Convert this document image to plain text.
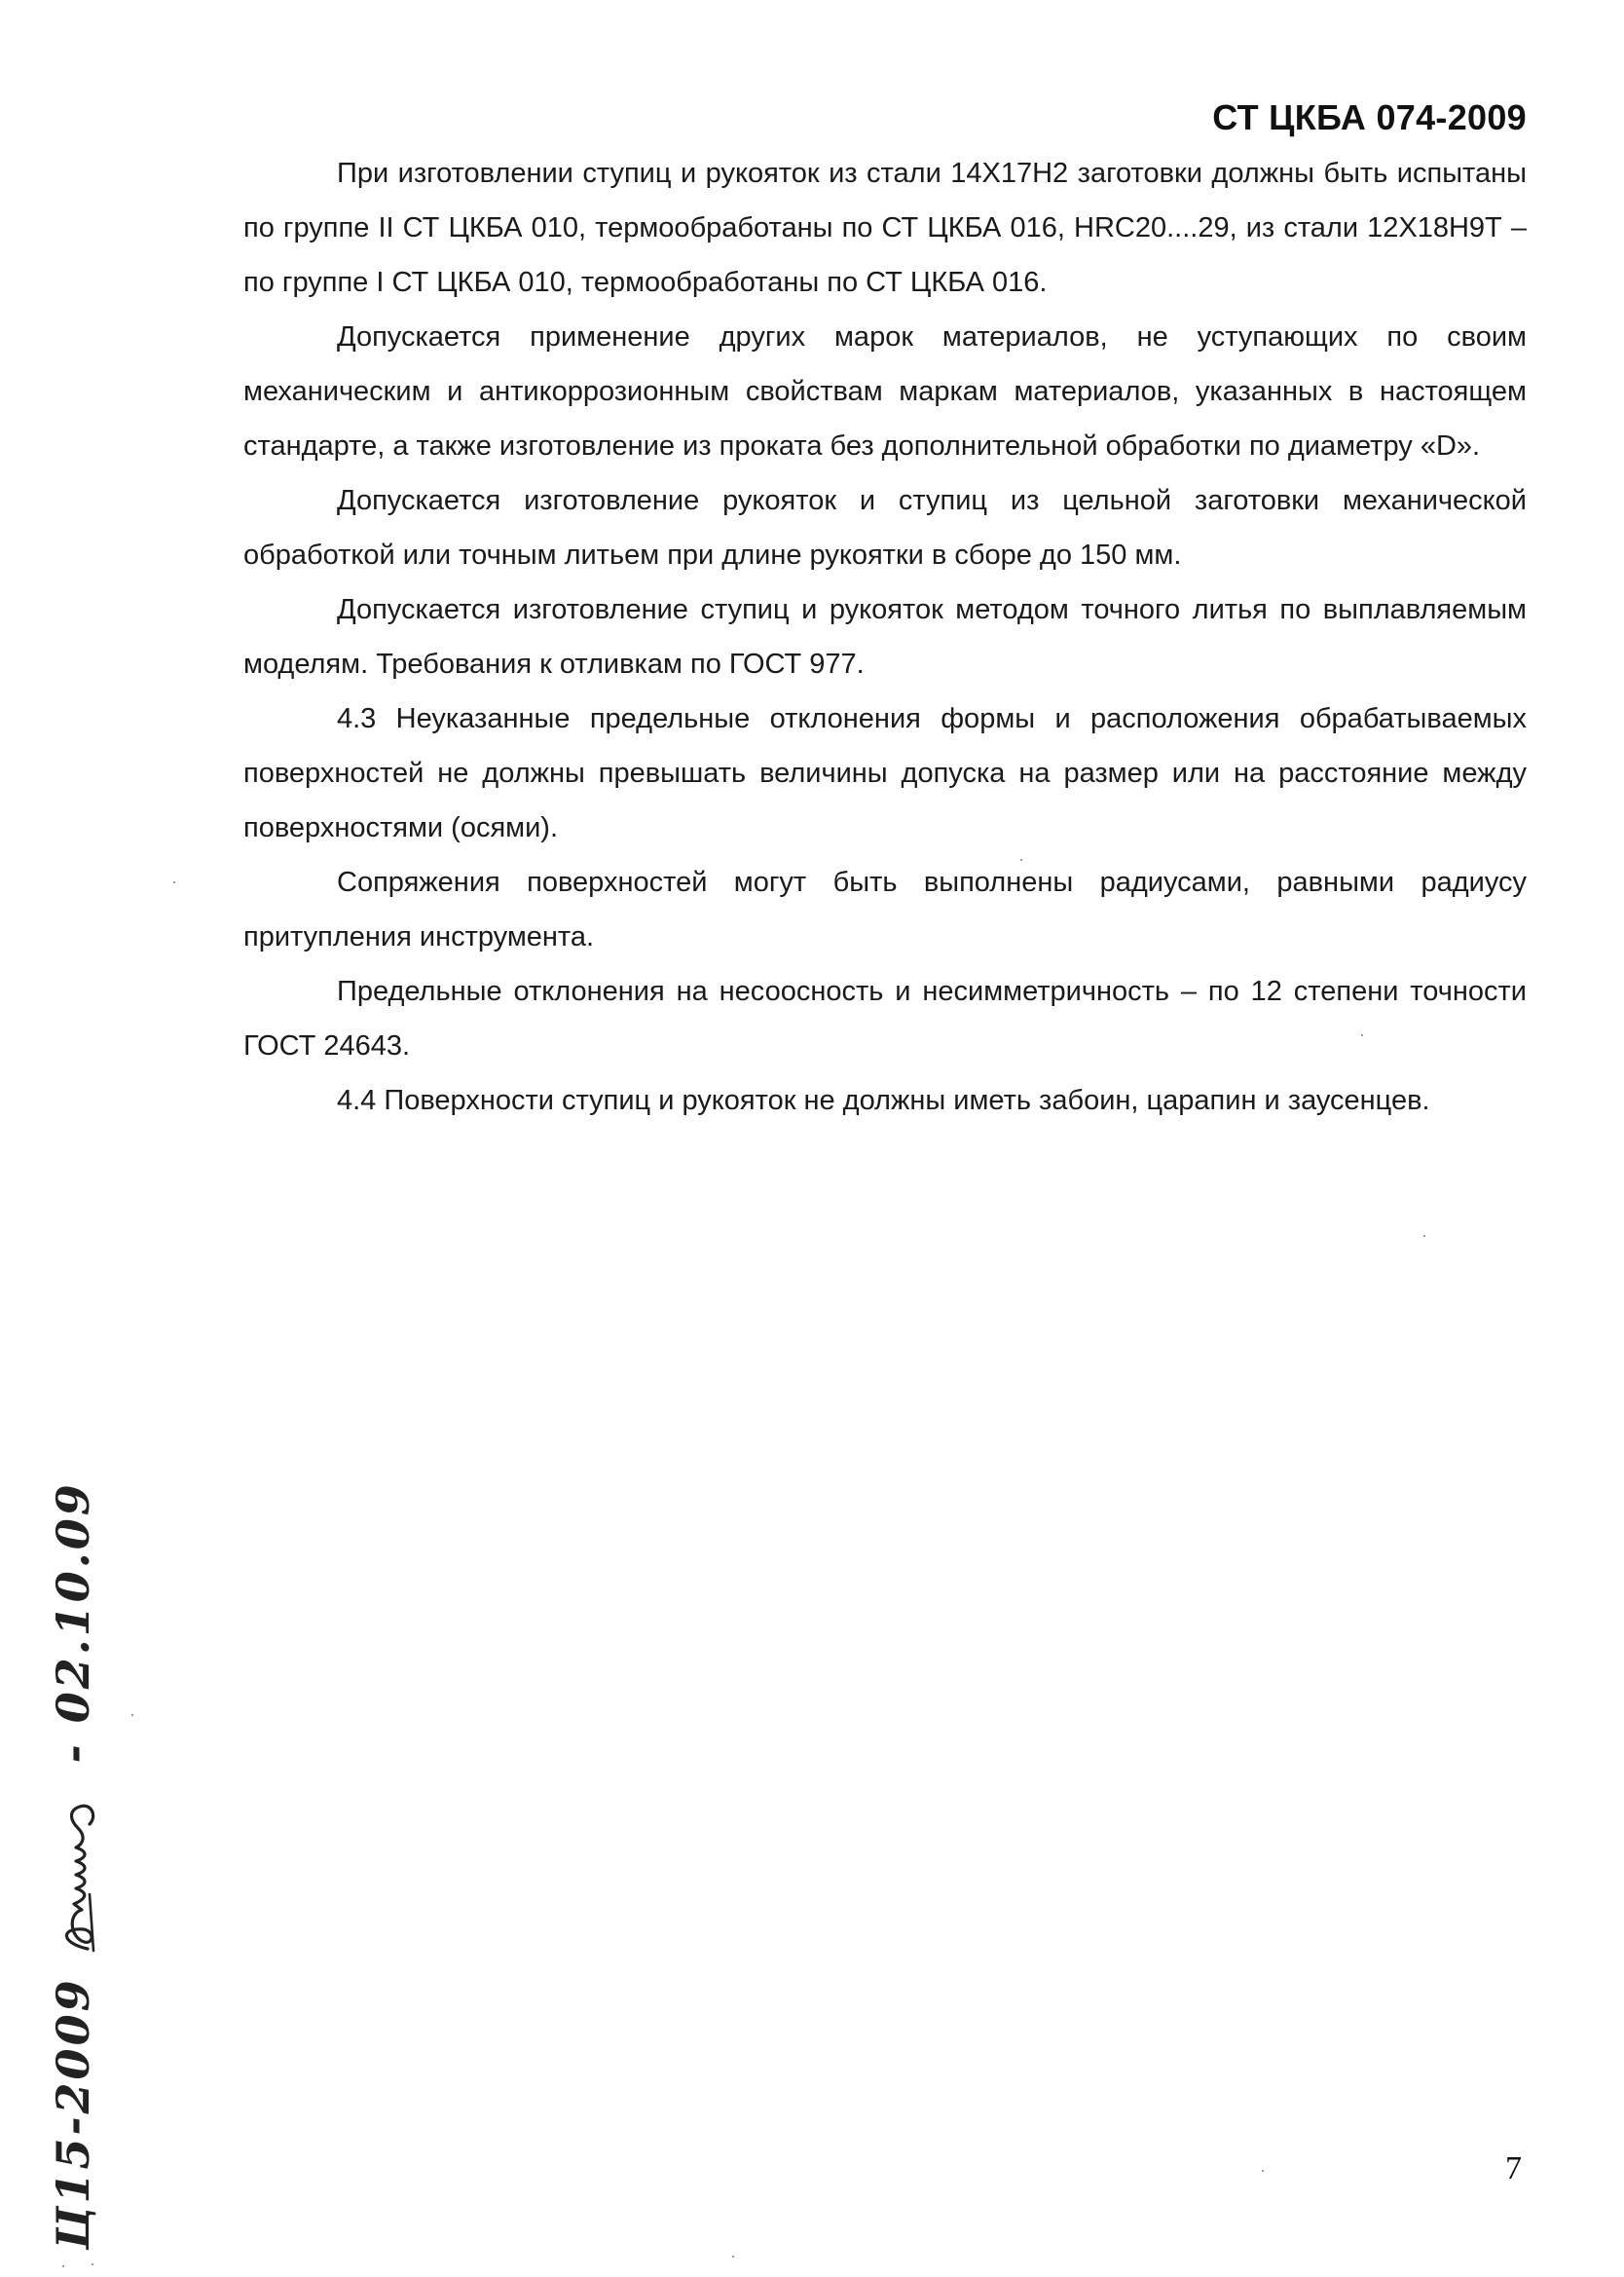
СТ ЦКБА 074-2009

При изготовлении ступиц и рукояток из стали 14Х17Н2 заготовки должны быть испытаны по группе II СТ ЦКБА 010, термообработаны по СТ ЦКБА 016, HRC20....29, из стали 12Х18Н9Т – по группе I СТ ЦКБА 010, термообработаны по СТ ЦКБА 016.

Допускается применение других марок материалов, не уступающих по своим механическим и антикоррозионным свойствам маркам материалов, указанных в настоящем стандарте, а также изготовление из проката без дополнительной обработки по диаметру «D».

Допускается изготовление рукояток и ступиц из цельной заготовки механической обработкой или точным литьем при длине рукоятки в сборе до 150 мм.

Допускается изготовление ступиц и рукояток методом точного литья по выплавляемым моделям. Требования к отливкам по ГОСТ 977.

4.3 Неуказанные предельные отклонения формы и расположения обрабатываемых поверхностей не должны превышать величины допуска на размер или на расстояние между поверхностями (осями).

Сопряжения поверхностей могут быть выполнены радиусами, равными радиусу притупления инструмента.

Предельные отклонения на несоосность и несимметричность – по 12 степени точности ГОСТ 24643.

4.4 Поверхности ступиц и рукояток не должны иметь забоин, царапин и заусенцев.

7
Ц15-2009  - 02.10.09
